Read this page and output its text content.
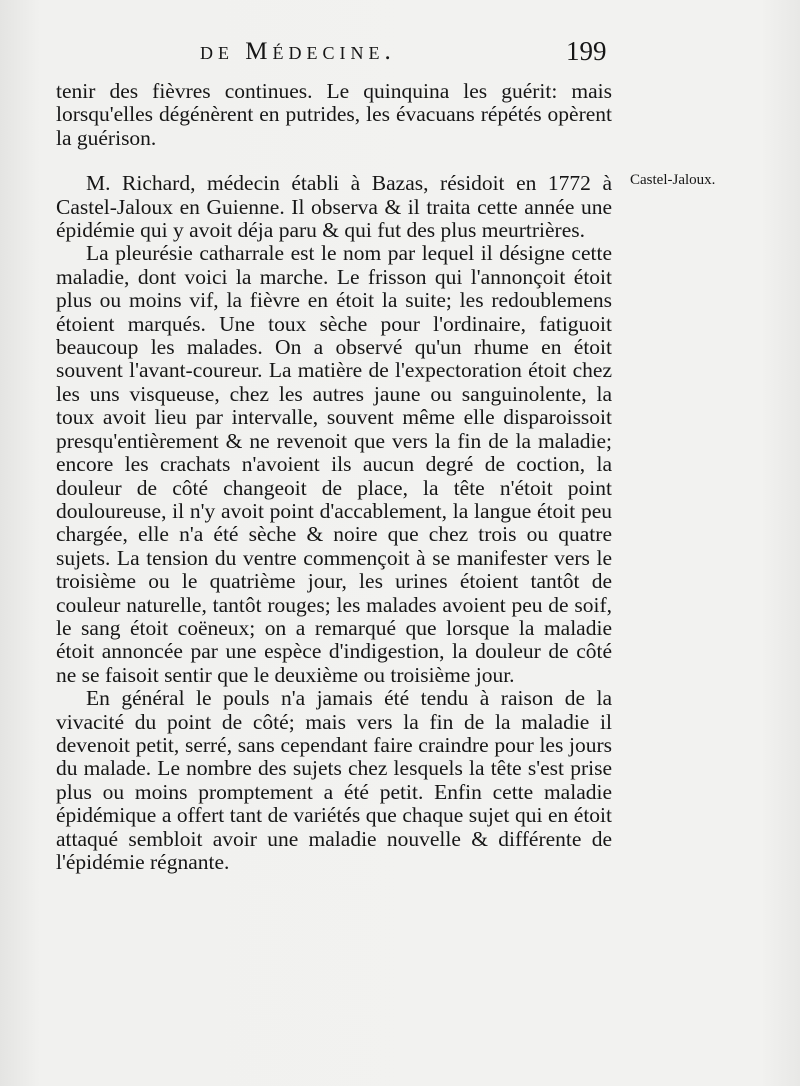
de Médecine.	199
Castel-Jaloux.

tenir des fièvres continues. Le quinquina les guérit: mais lorsqu'elles dégénèrent en putrides, les évacuans répétés opèrent la guérison.

M. Richard, médecin établi à Bazas, résidoit en 1772 à Castel-Jaloux en Guienne. Il observa & il traita cette année une épidémie qui y avoit déja paru & qui fut des plus meurtrières.

La pleurésie catharrale est le nom par lequel il désigne cette maladie, dont voici la marche. Le frisson qui l'annonçoit étoit plus ou moins vif, la fièvre en étoit la suite; les redoublemens étoient marqués. Une toux sèche pour l'ordinaire, fatiguoit beaucoup les malades. On a observé qu'un rhume en étoit souvent l'avant-coureur. La matière de l'expectoration étoit chez les uns visqueuse, chez les autres jaune ou sanguinolente, la toux avoit lieu par intervalle, souvent même elle disparoissoit presqu'entièrement & ne revenoit que vers la fin de la maladie; encore les crachats n'avoient ils aucun degré de coction, la douleur de côté changeoit de place, la tête n'étoit point douloureuse, il n'y avoit point d'accablement, la langue étoit peu chargée, elle n'a été sèche & noire que chez trois ou quatre sujets. La tension du ventre commençoit à se manifester vers le troisième ou le quatrième jour, les urines étoient tantôt de couleur naturelle, tantôt rouges; les malades avoient peu de soif, le sang étoit coëneux; on a remarqué que lorsque la maladie étoit annoncée par une espèce d'indigestion, la douleur de côté ne se faisoit sentir que le deuxième ou troisième jour.

En général le pouls n'a jamais été tendu à raison de la vivacité du point de côté; mais vers la fin de la maladie il devenoit petit, serré, sans cependant faire craindre pour les jours du malade. Le nombre des sujets chez lesquels la tête s'est prise plus ou moins promptement a été petit. Enfin cette maladie épidémique a offert tant de variétés que chaque sujet qui en étoit attaqué sembloit avoir une maladie nouvelle & différente de l'épidémie régnante.
